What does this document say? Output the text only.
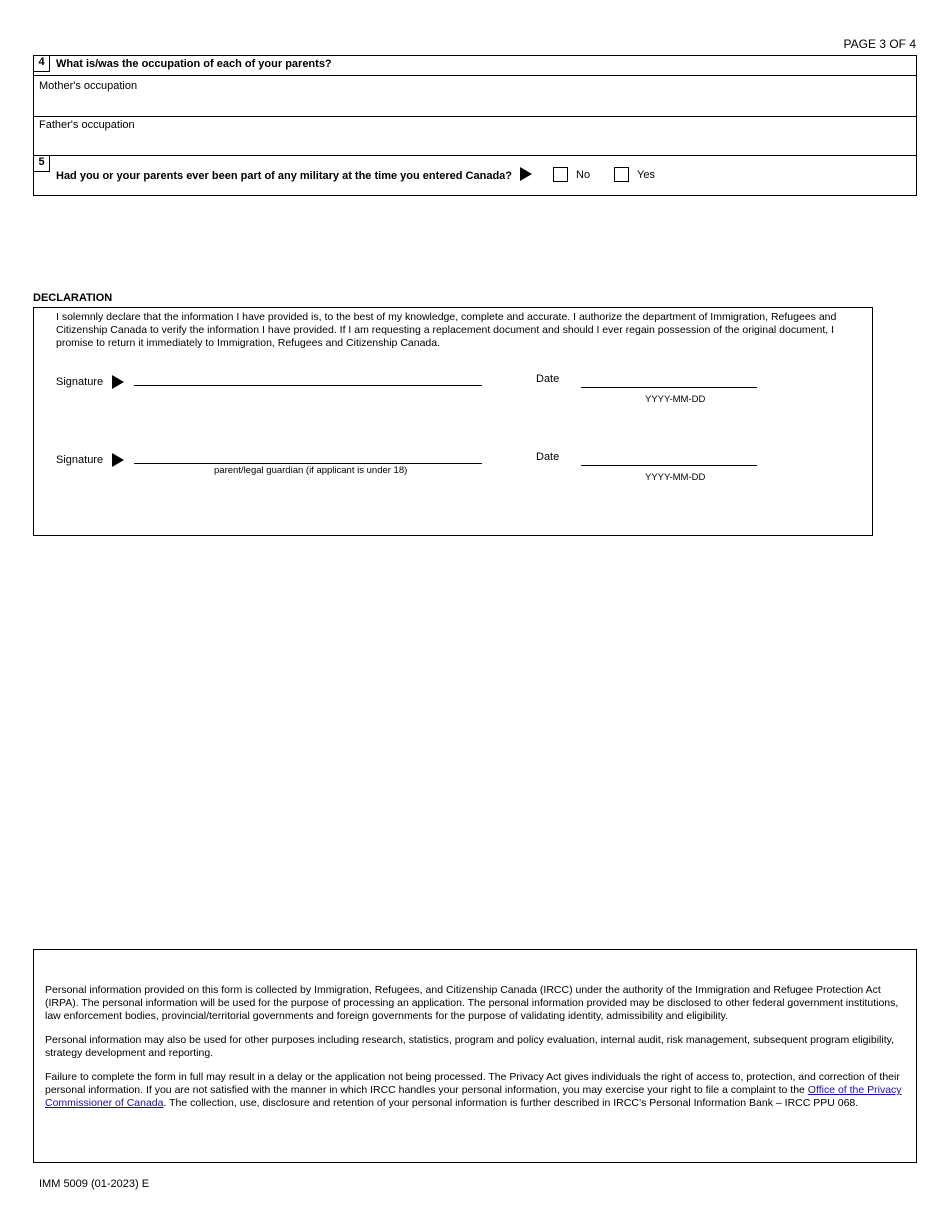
PAGE 3 OF 4
4	What is/was the occupation of each of your parents?
Mother's occupation
Father's occupation
5
Had you or your parents ever been part of any military at the time you entered Canada?	No	Yes
DECLARATION
I solemnly declare that the information I have provided is, to the best of my knowledge, complete and accurate. I authorize the department of Immigration, Refugees and Citizenship Canada to verify the information I have provided. If I am requesting a replacement document and should I ever regain possession of the original document, I promise to return it immediately to Immigration, Refugees and Citizenship Canada.
Signature	Date
YYYY-MM-DD
Signature
parent/legal guardian (if applicant is under 18)
Date
YYYY-MM-DD

Personal information provided on this form is collected by Immigration, Refugees, and Citizenship Canada (IRCC) under the authority of the Immigration and Refugee Protection Act (IRPA). The personal information will be used for the purpose of processing an application. The personal information provided may be disclosed to other federal government institutions, law enforcement bodies, provincial/territorial governments and foreign governments for the purpose of validating identity, admissibility and eligibility.

Personal information may also be used for other purposes including research, statistics, program and policy evaluation, internal audit, risk management, subsequent program eligibility, strategy development and reporting.

Failure to complete the form in full may result in a delay or the application not being processed. The Privacy Act gives individuals the right of access to, protection, and correction of their personal information. If you are not satisfied with the manner in which IRCC handles your personal information, you may exercise your right to file a complaint to the Office of the Privacy Commissioner of Canada. The collection, use, disclosure and retention of your personal information is further described in IRCC’s Personal Information Bank – IRCC PPU 068.

IMM 5009 (01-2023) E
